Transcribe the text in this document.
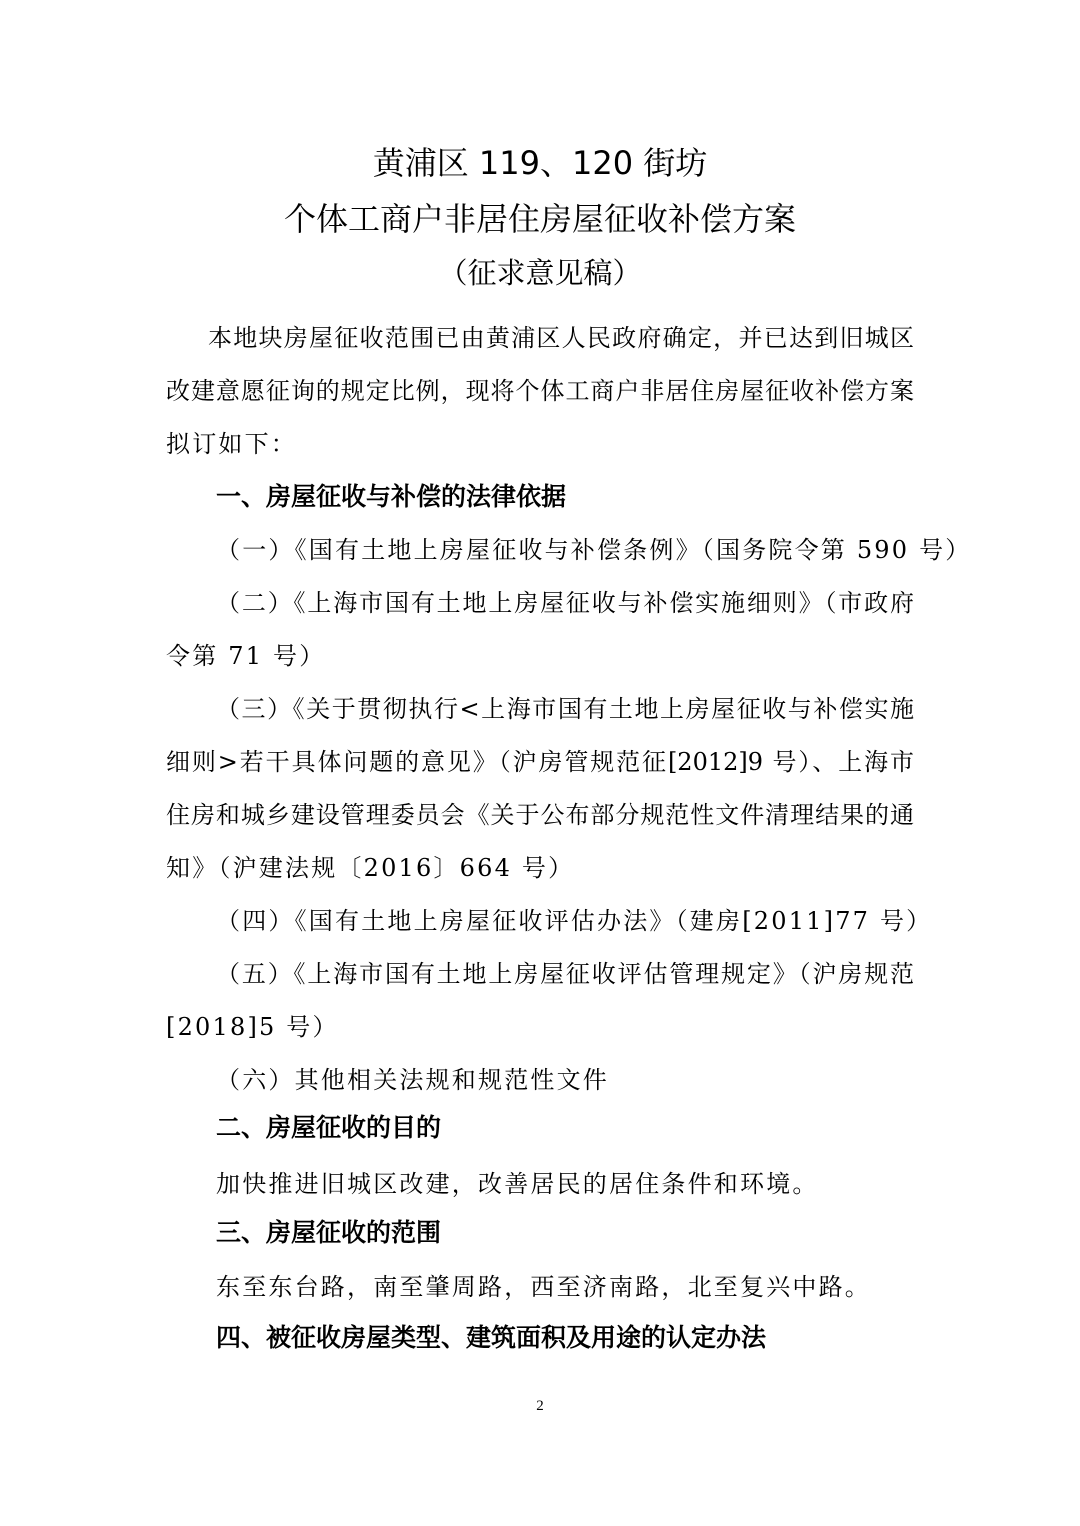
黄浦区 119、120 街坊
个体工商户非居住房屋征收补偿方案
（征求意见稿）
本地块房屋征收范围已由黄浦区人民政府确定，并已达到旧城区
改建意愿征询的规定比例，现将个体工商户非居住房屋征收补偿方案
拟订如下：
一、房屋征收与补偿的法律依据
（一）《国有土地上房屋征收与补偿条例》（国务院令第 590 号）
（二）《上海市国有土地上房屋征收与补偿实施细则》（市政府
令第 71 号）
（三）《关于贯彻执行<上海市国有土地上房屋征收与补偿实施
细则>若干具体问题的意见》（沪房管规范征[2012]9 号）、上海市
住房和城乡建设管理委员会《关于公布部分规范性文件清理结果的通
知》（沪建法规〔2016〕664 号）
（四）《国有土地上房屋征收评估办法》（建房[2011]77 号）
（五）《上海市国有土地上房屋征收评估管理规定》（沪房规范
[2018]5 号）
（六）其他相关法规和规范性文件
二、房屋征收的目的
加快推进旧城区改建，改善居民的居住条件和环境。
三、房屋征收的范围
东至东台路，南至肇周路，西至济南路，北至复兴中路。
四、被征收房屋类型、建筑面积及用途的认定办法
2
